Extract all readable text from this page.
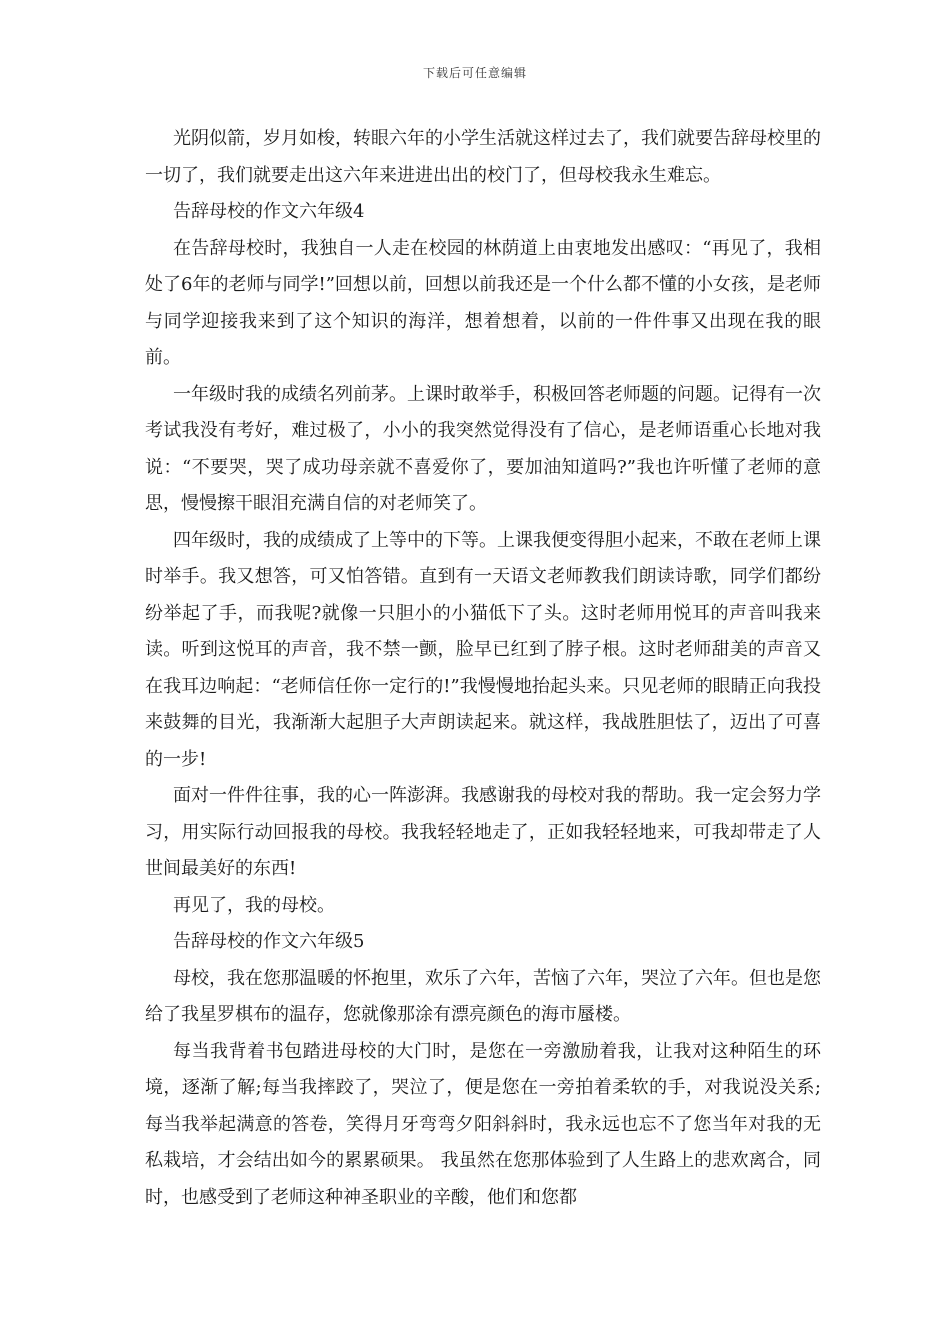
下载后可任意编辑

光阴似箭，岁月如梭，转眼六年的小学生活就这样过去了，我们就要告辞母校里的一切了，我们就要走出这六年来进进出出的校门了，但母校我永生难忘。

告辞母校的作文六年级4

在告辞母校时，我独自一人走在校园的林荫道上由衷地发出感叹：“再见了，我相处了6年的老师与同学!”回想以前，回想以前我还是一个什么都不懂的小女孩，是老师与同学迎接我来到了这个知识的海洋，想着想着，以前的一件件事又出现在我的眼前。

一年级时我的成绩名列前茅。上课时敢举手，积极回答老师题的问题。记得有一次考试我没有考好，难过极了，小小的我突然觉得没有了信心，是老师语重心长地对我说：“不要哭，哭了成功母亲就不喜爱你了，要加油知道吗?”我也许听懂了老师的意思，慢慢擦干眼泪充满自信的对老师笑了。

四年级时，我的成绩成了上等中的下等。上课我便变得胆小起来，不敢在老师上课时举手。我又想答，可又怕答错。直到有一天语文老师教我们朗读诗歌，同学们都纷纷举起了手，而我呢?就像一只胆小的小猫低下了头。这时老师用悦耳的声音叫我来读。听到这悦耳的声音，我不禁一颤，脸早已红到了脖子根。这时老师甜美的声音又在我耳边响起：“老师信任你一定行的!”我慢慢地抬起头来。只见老师的眼睛正向我投来鼓舞的目光，我渐渐大起胆子大声朗读起来。就这样，我战胜胆怯了，迈出了可喜的一步!

面对一件件往事，我的心一阵澎湃。我感谢我的母校对我的帮助。我一定会努力学习，用实际行动回报我的母校。我我轻轻地走了，正如我轻轻地来，可我却带走了人世间最美好的东西!

再见了，我的母校。

告辞母校的作文六年级5

母校，我在您那温暖的怀抱里，欢乐了六年，苦恼了六年，哭泣了六年。但也是您给了我星罗棋布的温存，您就像那涂有漂亮颜色的海市蜃楼。

每当我背着书包踏进母校的大门时，是您在一旁激励着我，让我对这种陌生的环境，逐渐了解;每当我摔跤了，哭泣了，便是您在一旁拍着柔软的手，对我说没关系;每当我举起满意的答卷，笑得月牙弯弯夕阳斜斜时，我永远也忘不了您当年对我的无私栽培，才会结出如今的累累硕果。 我虽然在您那体验到了人生路上的悲欢离合，同时，也感受到了老师这种神圣职业的辛酸，他们和您都
